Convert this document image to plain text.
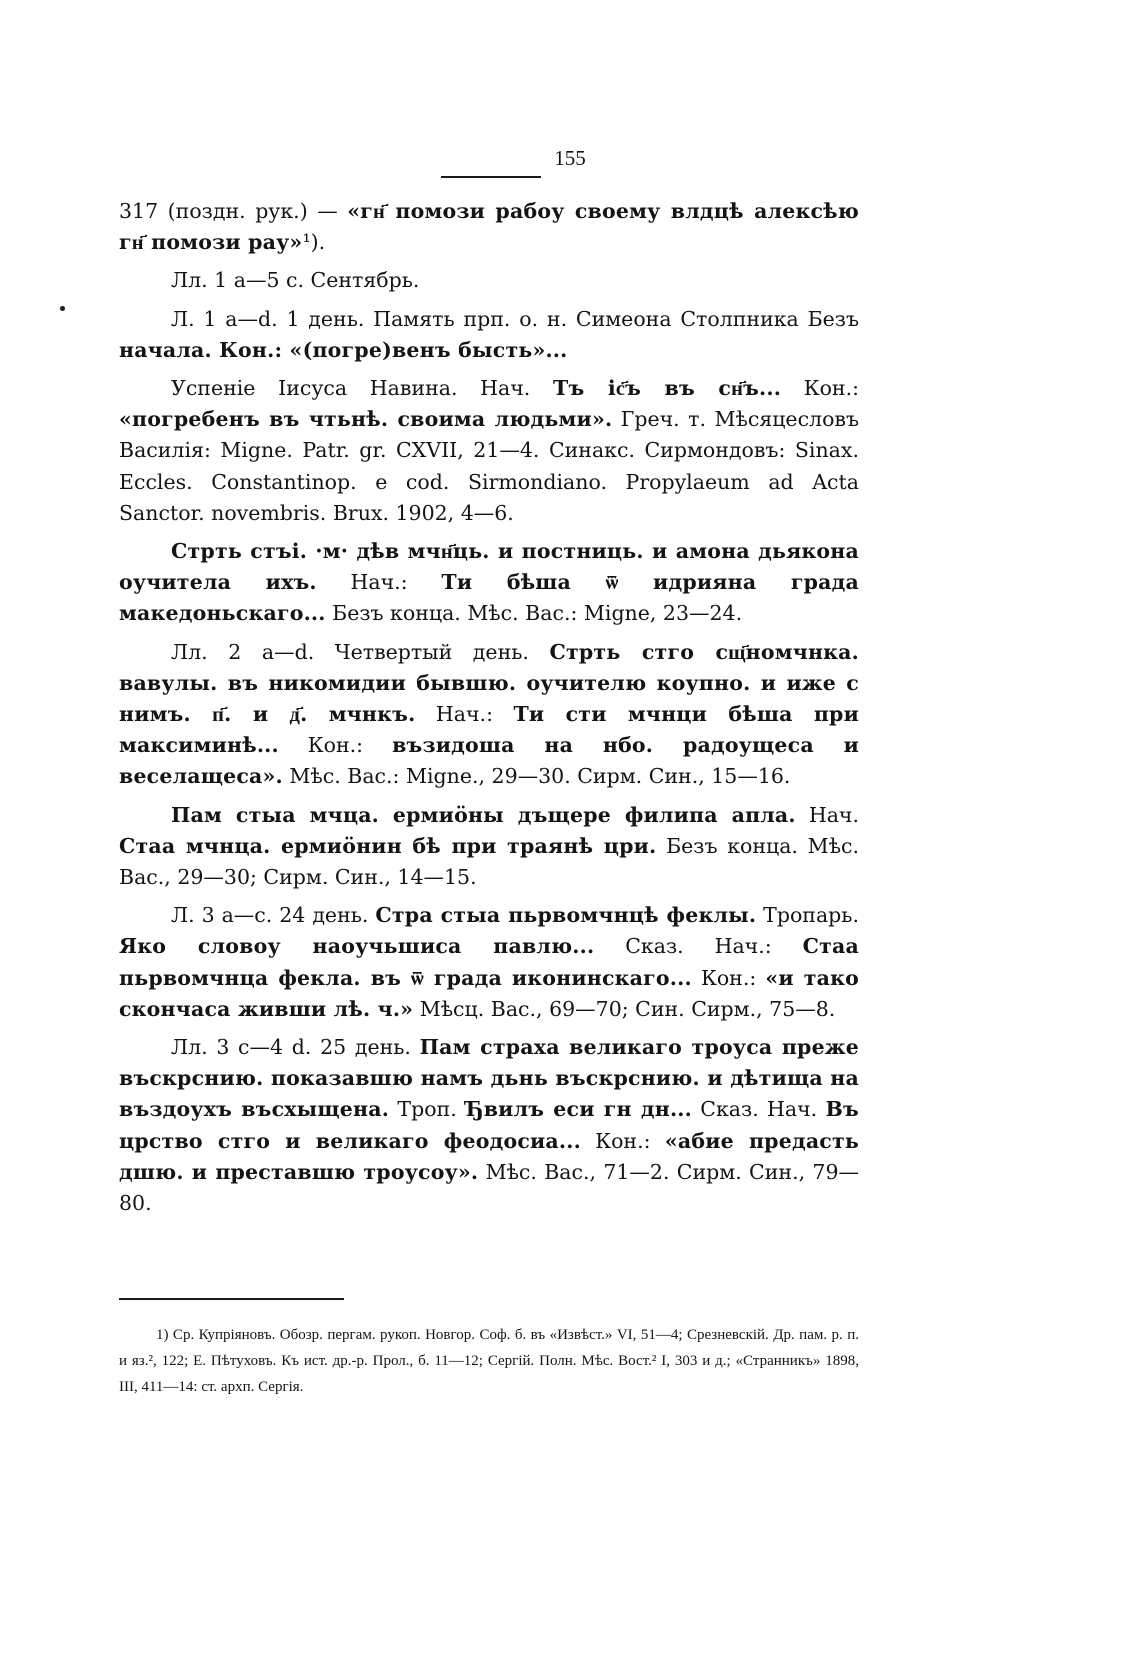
155

317 (поздн. рук.) — «гн҃ помози рабоу своему влдцѣ алексѣю гн҃ помози рау»¹).

Лл. 1 а—5 с. Сентябрь.

Л. 1 а—d. 1 день. Память прп. о. н. Симеона Столпника Безъ начала. Кон.: «(погре)венъ бысть»...

Успеніе Іисуса Навина. Нач. Тъ іс҃ъ въ сн҃ъ... Кон.: «погребенъ въ чтьнѣ. своима людьми». Греч. т. Мѣсяцесловъ Василія: Migne. Patr. gr. CXVII, 21—4. Синакс. Сирмондовъ: Sinax. Eccles. Constantinop. e cod. Sirmondiano. Propylaeum ad Acta Sanctor. novembris. Brux. 1902, 4—6.

Стрть стъі. ·м· дѣв мчн҃ць. и постниць. и амона дьякона оучитела ихъ. Нач.: Ти бѣша ѿ идрияна града македоньскаго... Безъ конца. Мѣс. Вас.: Migne, 23—24.

Лл. 2 а—d. Четвертый день. Стрть стго сщ҃номчнка. вавулы. въ никомидии бывшю. оучителю коупно. и иже с нимъ. п҃. и д҃. мчнкъ. Нач.: Ти сти мчнци бѣша при максиминѣ... Кон.: възидоша на нбо. радоущеса и веселащеса». Мѣс. Вас.: Migne., 29—30. Сирм. Син., 15—16.

Пам стыа мчца. ермиöны дъщере филипа апла. Нач. Стаа мчнца. ермиöнин бѣ при траянѣ цри. Безъ конца. Мѣс. Вас., 29—30; Сирм. Син., 14—15.

Л. 3 а—с. 24 день. Стра стыа пьрвомчнцѣ феклы. Тропарь. Яко словоу наоучьшиса павлю... Сказ. Нач.: Стаа пьрвомчнца фекла. въ ѿ града иконинскаго... Кон.: «и тако скончаса живши лѣ. ч.» Мѣсц. Вас., 69—70; Син. Сирм., 75—8.

Лл. 3 с—4 d. 25 день. Пам страха великаго троуса преже въскрснию. показавшю намъ дьнь въскрснию. и дѣтища на въздоухъ въсхыщена. Троп. Ђвилъ еси гн дн... Сказ. Нач. Въ црство стго и великаго феодосиа... Кон.: «абие предасть дшю. и преставшю троусоу». Мѣс. Вас., 71—2. Сирм. Син., 79—80.

1) Ср. Купріяновъ. Обозр. пергам. рукоп. Новгор. Соф. б. въ «Извѣст.» VI, 51—4; Срезневскій. Др. пам. р. п. и яз.², 122; Е. Пѣтуховъ. Къ ист. др.-р. Прол., б. 11—12; Сергій. Полн. Мѣс. Вост.² I, 303 и д.; «Странникъ» 1898, III, 411—14: ст. архп. Сергія.
